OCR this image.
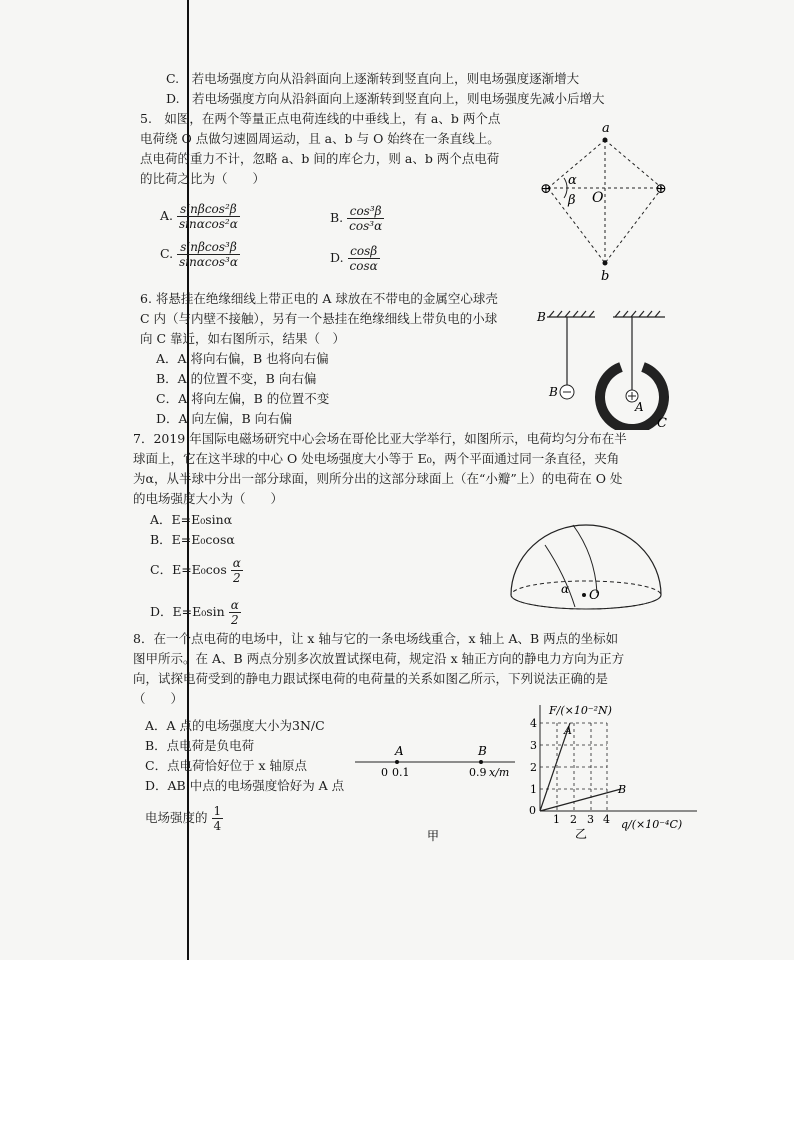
C.　若电场强度方向从沿斜面向上逐渐转到竖直向上，则电场强度逐渐增大
D.　若电场强度方向从沿斜面向上逐渐转到竖直向上，则电场强度先减小后增大
5.　如图，在两个等量正点电荷连线的中垂线上，有 a、b 两个点
电荷绕 O 点做匀速圆周运动，且 a、b 与 O 始终在一条直线上。
点电荷的重力不计，忽略 a、b 间的库仑力，则 a、b 两个点电荷
的比荷之比为（　　）
A. $\frac{\text{sinβcos²β}}{\text{sinαcos²α}}$	B. $\frac{\text{cos³β}}{\text{cos³α}}$
C. $\frac{\text{sinβcos³β}}{\text{sinαcos³α}}$	D. $\frac{\cos\beta}{\cos\alpha}$
a
b
O
α
β
⊕	⊕
6. 将悬挂在绝缘细线上带正电的 A 球放在不带电的金属空心球壳
C 内（与内壁不接触），另有一个悬挂在绝缘细线上带负电的小球
向 C 靠近，如右图所示，结果（　）
A．A 将向右偏，B 也将向右偏
B．A 的位置不变，B 向右偏
C．A 将向左偏，B 的位置不变
D．A 向左偏，B 向右偏
B
B
A
C
7．2019 年国际电磁场研究中心会场在哥伦比亚大学举行，如图所示，电荷均匀分布在半
球面上，它在这半球的中心 O 处电场强度大小等于 E₀，两个平面通过同一条直径，夹角
为α，从半球中分出一部分球面，则所分出的这部分球面上（在“小瓣”上）的电荷在 O 处
的电场强度大小为（　　）
A．E=E₀sinα
B．E=E₀cosα
C．$E=E_0\cos \frac{\alpha}{2}$
D．$E=E_0\sin \frac{\alpha}{2}$
α O
8．在一个点电荷的电场中，让 x 轴与它的一条电场线重合，x 轴上 A、B 两点的坐标如
图甲所示。在 A、B 两点分别多次放置试探电荷，规定沿 x 轴正方向的静电力方向为正方
向，试探电荷受到的静电力跟试探电荷的电荷量的关系如图乙所示，下列说法正确的是
（　　）
A．A 点的电场强度大小为3N/C
B．点电荷是负电荷
C．点电荷恰好位于 x 轴原点
D．AB 中点的电场强度恰好为 A 点
电场强度的 $\frac{1}{4}$
A	B
0 0.1	0.9 x/m
甲
F/(×10⁻²N)
q/(×10⁻⁴C)
0
1
2
3
4
1 2 3 4
A
B
乙
